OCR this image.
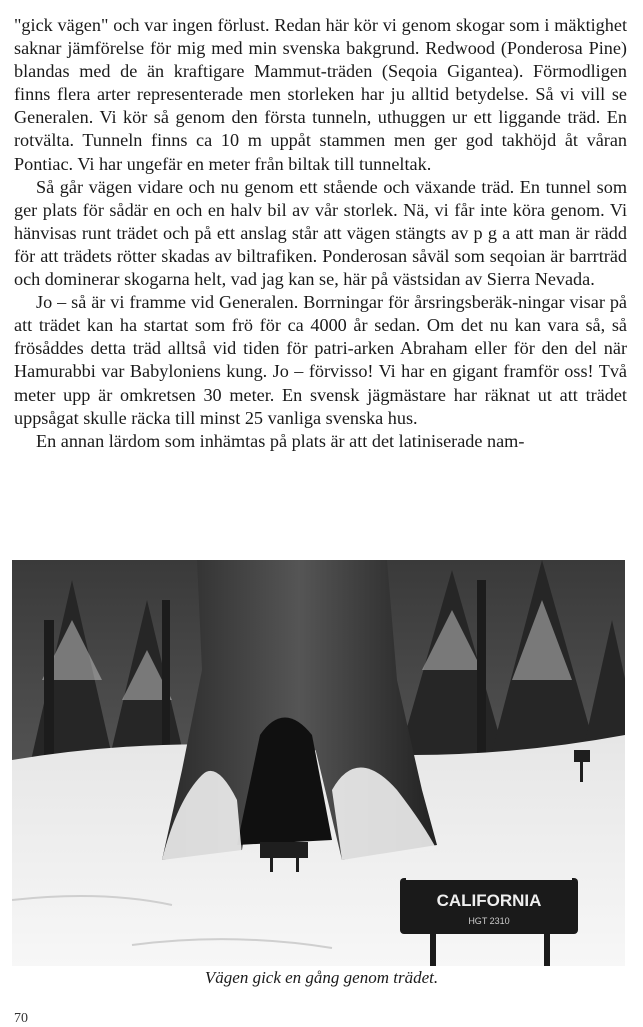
"gick vägen" och var ingen förlust. Redan här kör vi genom skogar som i mäktighet saknar jämförelse för mig med min svenska bakgrund. Redwood (Ponderosa Pine) blandas med de än kraftigare Mammut-träden (Seqoia Gigantea). Förmodligen finns flera arter representerade men storleken har ju alltid betydelse. Så vi vill se Generalen. Vi kör så genom den första tunneln, uthuggen ur ett liggande träd. En rotvälta. Tunneln finns ca 10 m uppåt stammen men ger god takhöjd åt våran Pontiac. Vi har ungefär en meter från biltak till tunneltak.

Så går vägen vidare och nu genom ett stående och växande träd. En tunnel som ger plats för sådär en och en halv bil av vår storlek. Nä, vi får inte köra genom. Vi hänvisas runt trädet och på ett anslag står att vägen stängts av p g a att man är rädd för att trädets rötter skadas av biltrafiken. Ponderosan såväl som seqoian är barrträd och dominerar skogarna helt, vad jag kan se, här på västsidan av Sierra Nevada.

Jo – så är vi framme vid Generalen. Borrningar för årsringsberäk-ningar visar på att trädet kan ha startat som frö för ca 4000 år sedan. Om det nu kan vara så, så frösåddes detta träd alltså vid tiden för patri-arken Abraham eller för den del när Hamurabbi var Babyloniens kung. Jo – förvisso! Vi har en gigant framför oss! Två meter upp är omkretsen 30 meter. En svensk jägmästare har räknat ut att trädet uppsågat skulle räcka till minst 25 vanliga svenska hus.

En annan lärdom som inhämtas på plats är att det latiniserade nam-

CALIFORNIA
HGT 2310
Vägen gick en gång genom trädet.
70
